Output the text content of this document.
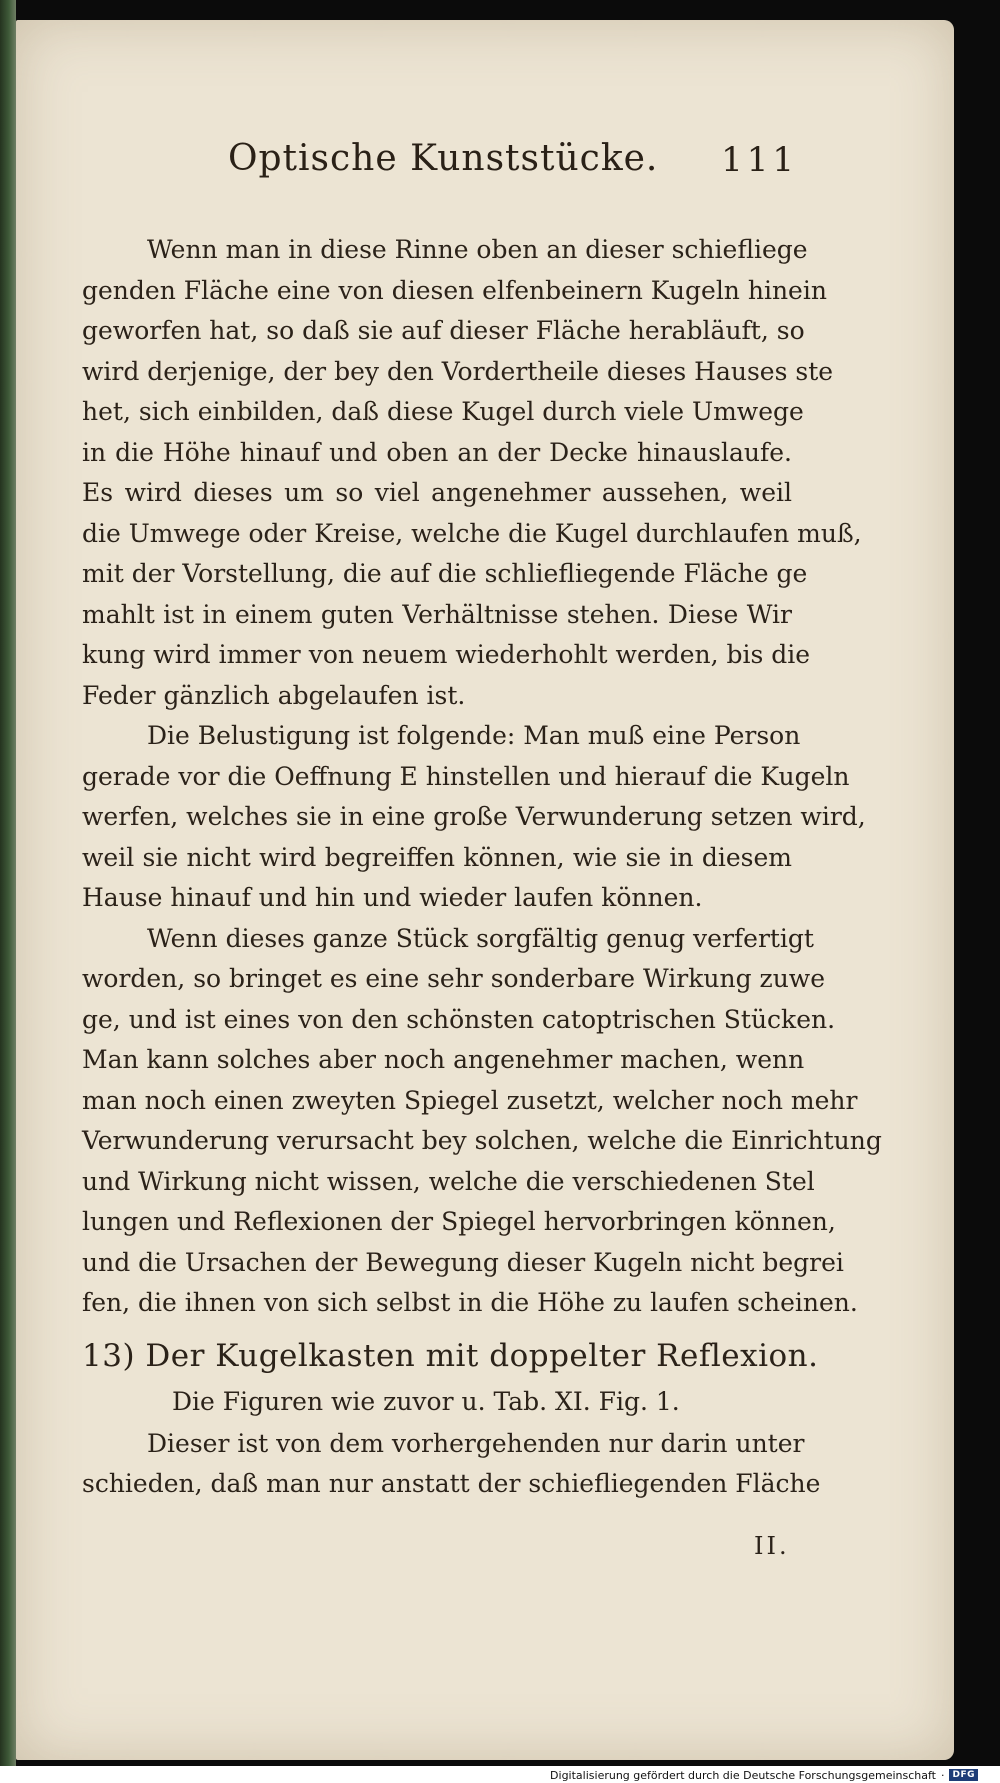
Optische Kunststücke. 111
Wenn man in diese Rinne oben an dieser schiefliege
genden Fläche eine von diesen elfenbeinern Kugeln hinein
geworfen hat, so daß sie auf dieser Fläche herabläuft, so
wird derjenige, der bey den Vordertheile dieses Hauses ste
het, sich einbilden, daß diese Kugel durch viele Umwege
in die Höhe hinauf und oben an der Decke hinauslaufe.
Es wird dieses um so viel angenehmer aussehen, weil
die Umwege oder Kreise, welche die Kugel durchlaufen muß,
mit der Vorstellung, die auf die schliefliegende Fläche ge
mahlt ist in einem guten Verhältnisse stehen. Diese Wir
kung wird immer von neuem wiederhohlt werden, bis die
Feder gänzlich abgelaufen ist.
Die Belustigung ist folgende: Man muß eine Person
gerade vor die Oeffnung E hinstellen und hierauf die Kugeln
werfen, welches sie in eine große Verwunderung setzen wird,
weil sie nicht wird begreiffen können, wie sie in diesem
Hause hinauf und hin und wieder laufen können.
Wenn dieses ganze Stück sorgfältig genug verfertigt
worden, so bringet es eine sehr sonderbare Wirkung zuwe
ge, und ist eines von den schönsten catoptrischen Stücken.
Man kann solches aber noch angenehmer machen, wenn
man noch einen zweyten Spiegel zusetzt, welcher noch mehr
Verwunderung verursacht bey solchen, welche die Einrichtung
und Wirkung nicht wissen, welche die verschiedenen Stel
lungen und Reflexionen der Spiegel hervorbringen können,
und die Ursachen der Bewegung dieser Kugeln nicht begrei
fen, die ihnen von sich selbst in die Höhe zu laufen scheinen.
13) Der Kugelkasten mit doppelter Reflexion.
Die Figuren wie zuvor u. Tab. XI. Fig. 1.
Dieser ist von dem vorhergehenden nur darin unter
schieden, daß man nur anstatt der schiefliegenden Fläche
II.
Digitalisierung gefördert durch die Deutsche Forschungsgemeinschaft · DFG
